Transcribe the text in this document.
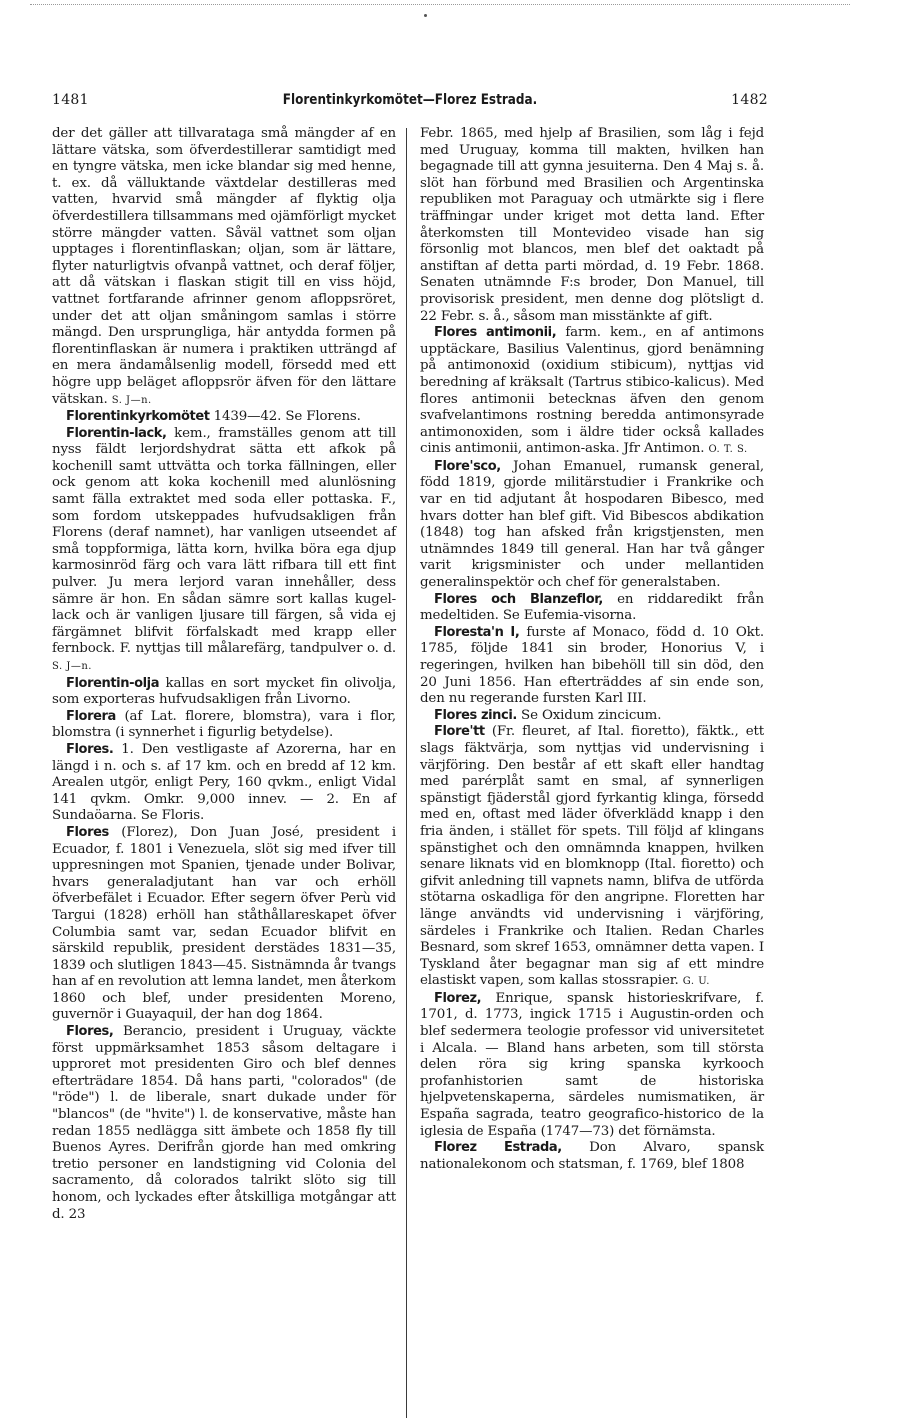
1481	Florentinkyrkomötet—Florez Estrada.	1482

der det gäller att tillvaratagа små mängder af en lättare vätska, som öfverdestillerar samtidigt med en tyngre vätska, men icke blandar sig med henne, t. ex. då välluktande växtdelar destilleras med vatten, hvarvid små mängder af flyktig olja öfverdestillera tillsammans med ojämförligt mycket större mängder vatten. Såväl vattnet som oljan upptages i florentinflaskan; oljan, som är lättare, flyter naturligtvis ofvanpå vattnet, och deraf följer, att då vätskan i flaskan stigit till en viss höjd, vattnet fortfarande afrinner genom afloppsröret, under det att oljan småningom samlas i större mängd. Den ursprungliga, här antydda formen på florentinflaskan är numera i praktiken utträngd af en mera ändamålsenlig modell, försedd med ett högre upp beläget afloppsrör äfven för den lättare vätskan. S. J—n.

Florentinkyrkomötet 1439—42. Se Florens.

Florentin-lack, kem., framställes genom att till nyss fäldt lerjordshydrat sätta ett afkok på kochenill samt uttvätta och torka fällningen, eller ock genom att koka kochenill med alunlösning samt fälla extraktet med soda eller pottaska. F., som fordom utskeppades hufvudsakligen från Florens (deraf namnet), har vanligen utseendet af små toppformiga, lätta korn, hvilka böra ega djup karmosinröd färg och vara lätt rifbara till ett fint pulver. Ju mera lerjord varan innehåller, dess sämre är hon. En sådan sämre sort kallas kugel-lack och är vanligen ljusare till färgen, så vida ej färgämnet blifvit förfalskadt med krapp eller fernbock. F. nyttjas till målarefärg, tandpulver o. d. S. J—n.

Florentin-olja kallas en sort mycket fin olivolja, som exporteras hufvudsakligen från Livorno.

Florera (af Lat. florere, blomstra), vara i flor, blomstra (i synnerhet i figurlig betydelse).

Flores. 1. Den vestligaste af Azorerna, har en längd i n. och s. af 17 km. och en bredd af 12 km. Arealen utgör, enligt Pery, 160 qvkm., enligt Vidal 141 qvkm. Omkr. 9,000 innev. — 2. En af Sundaöarna. Se Floris.

Flores (Florez), Don Juan José, president i Ecuador, f. 1801 i Venezuela, slöt sig med ifver till uppresningen mot Spanien, tjenade under Bolivar, hvars generaladjutant han var och erhöll öfverbefälet i Ecuador. Efter segern öfver Perù vid Targui (1828) erhöll han ståthållareskapet öfver Columbia samt var, sedan Ecuador blifvit en särskild republik, president derstädes 1831—35, 1839 och slutligen 1843—45. Sistnämnda år tvangs han af en revolution att lemna landet, men återkom 1860 och blef, under presidenten Moreno, guvernör i Guayaquil, der han dog 1864.

Flores, Berancio, president i Uruguay, väckte först uppmärksamhet 1853 såsom deltagare i upproret mot presidenten Giro och blef dennes efterträdare 1854. Då hans parti, "colorados" (de "röde") l. de liberale, snart dukade under för "blancos" (de "hvite") l. de konservative, måste han redan 1855 nedlägga sitt ämbete och 1858 fly till Buenos Ayres. Derifrån gjorde han med omkring tretio personer en landstigning vid Colonia del sacramento, då colorados talrikt slöto sig till honom, och lyckades efter åtskilliga motgångar att d. 23

Febr. 1865, med hjelp af Brasilien, som låg i fejd med Uruguay, komma till makten, hvilken han begagnade till att gynna jesuiterna. Den 4 Maj s. å. slöt han förbund med Brasilien och Argentinska republiken mot Paraguay och utmärkte sig i flere träffningar under kriget mot detta land. Efter återkomsten till Montevideo visade han sig försonlig mot blancos, men blef det oaktadt på anstiftan af detta parti mördad, d. 19 Febr. 1868. Senaten utnämnde F:s broder, Don Manuel, till provisorisk president, men denne dog plötsligt d. 22 Febr. s. å., såsom man misstänkte af gift.

Flores antimonii, farm. kem., en af antimons upptäckare, Basilius Valentinus, gjord benämning på antimonoxid (oxidium stibicum), nyttjas vid beredning af kräksalt (Tartrus stibico-kalicus). Med flores antimonii betecknas äfven den genom svafvelantimons rostning beredda antimonsyrade antimonoxiden, som i äldre tider också kallades cinis antimonii, antimon-aska. Jfr Antimon. O. T. S.

Flore'sco, Johan Emanuel, rumansk general, född 1819, gjorde militärstudier i Frankrike och var en tid adjutant åt hospodaren Bibesco, med hvars dotter han blef gift. Vid Bibescos abdikation (1848) tog han afsked från krigstjensten, men utnämndes 1849 till general. Han har två gånger varit krigsminister och under mellantiden generalinspektör och chef för generalstaben.

Flores och Blanzeflor, en riddaredikt från medeltiden. Se Eufemia-visorna.

Floresta'n I, furste af Monaco, född d. 10 Okt. 1785, följde 1841 sin broder, Honorius V, i regeringen, hvilken han bibehöll till sin död, den 20 Juni 1856. Han efterträddes af sin ende son, den nu regerande fursten Karl III.

Flores zinci. Se Oxidum zincicum.

Flore'tt (Fr. fleuret, af Ital. fioretto), fäktk., ett slags fäktvärja, som nyttjas vid undervisning i värjföring. Den består af ett skaft eller handtag med parérplåt samt en smal, af synnerligen spänstigt fjäderstål gjord fyrkantig klinga, försedd med en, oftast med läder öfverklädd knapp i den fria änden, i stället för spets. Till följd af klingans spänstighet och den omnämnda knappen, hvilken senare liknats vid en blomknopp (Ital. fioretto) och gifvit anledning till vapnets namn, blifva de utförda stötarna oskadliga för den angripne. Floretten har länge användts vid undervisning i värjföring, särdeles i Frankrike och Italien. Redan Charles Besnard, som skref 1653, omnämner detta vapen. I Tyskland åter begagnar man sig af ett mindre elastiskt vapen, som kallas stossrapier. G. U.

Florez, Enrique, spansk historieskrifvare, f. 1701, d. 1773, ingick 1715 i Augustin-orden och blef sedermera teologie professor vid universitetet i Alcala. — Bland hans arbeten, som till största delen röra sig kring spanska kyrkooch profanhistorien samt de historiska hjelpvetenskaperna, särdeles numismatiken, är España sagrada, teatro geografico-historico de la iglesia de España (1747—73) det förnämsta.

Florez Estrada, Don Alvaro, spansk nationalekonom och statsman, f. 1769, blef 1808
